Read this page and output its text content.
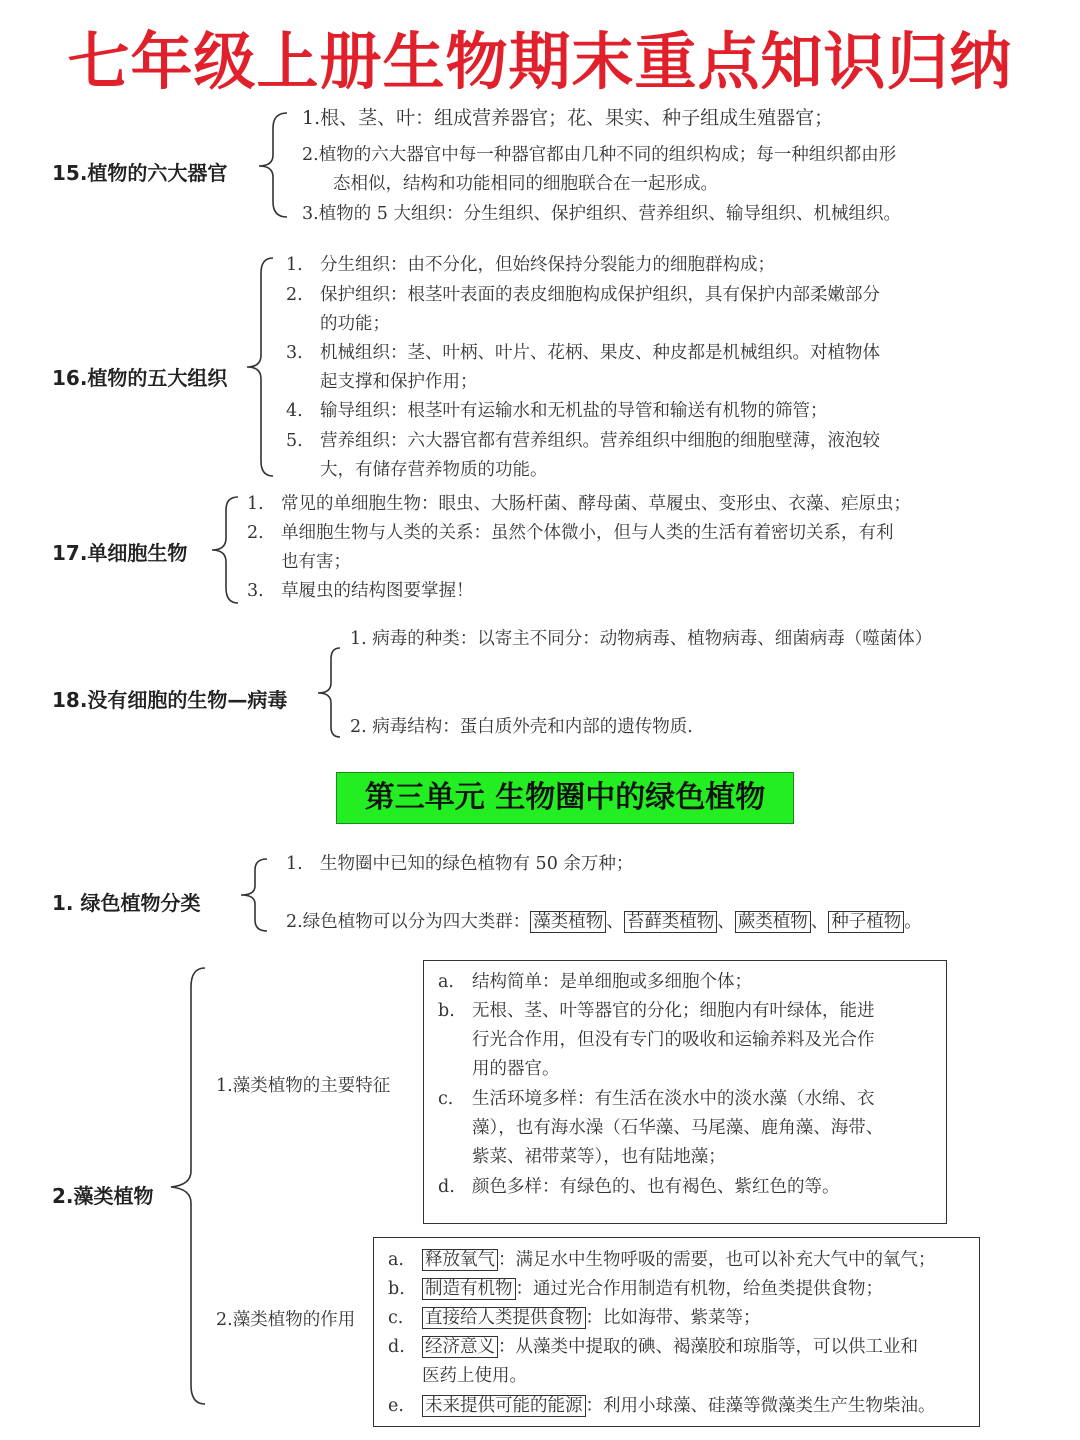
七年级上册生物期末重点知识归纳
15.植物的六大器官
1.根、茎、叶：组成营养器官；花、果实、种子组成生殖器官；
2.植物的六大器官中每一种器官都由几种不同的组织构成；每一种组织都由形
态相似，结构和功能相同的细胞联合在一起形成。
3.植物的 5 大组织：分生组织、保护组织、营养组织、输导组织、机械组织。
16.植物的五大组织
1. 分生组织：由不分化，但始终保持分裂能力的细胞群构成；
2. 保护组织：根茎叶表面的表皮细胞构成保护组织，具有保护内部柔嫩部分
的功能；
3. 机械组织：茎、叶柄、叶片、花柄、果皮、种皮都是机械组织。对植物体
起支撑和保护作用；
4. 输导组织：根茎叶有运输水和无机盐的导管和输送有机物的筛管；
5. 营养组织：六大器官都有营养组织。营养组织中细胞的细胞壁薄，液泡较
大，有储存营养物质的功能。
17.单细胞生物
1. 常见的单细胞生物：眼虫、大肠杆菌、酵母菌、草履虫、变形虫、衣藻、疟原虫；
2. 单细胞生物与人类的关系：虽然个体微小，但与人类的生活有着密切关系，有利
也有害；
3. 草履虫的结构图要掌握！
18.没有细胞的生物—病毒
1. 病毒的种类：以寄主不同分：动物病毒、植物病毒、细菌病毒（噬菌体）
2. 病毒结构：蛋白质外壳和内部的遗传物质.
第三单元 生物圈中的绿色植物
1. 绿色植物分类
1. 生物圈中已知的绿色植物有 50 余万种；
2.绿色植物可以分为四大类群： 藻类植物 、 苔藓类植物 、 蕨类植物 、 种子植物 。
2.藻类植物
1.藻类植物的主要特征
a. 结构简单：是单细胞或多细胞个体；
b. 无根、茎、叶等器官的分化；细胞内有叶绿体，能进
行光合作用，但没有专门的吸收和运输养料及光合作
用的器官。
c. 生活环境多样：有生活在淡水中的淡水藻（水绵、衣
藻），也有海水澡（石华藻、马尾藻、鹿角藻、海带、
紫菜、裙带菜等），也有陆地藻；
d. 颜色多样：有绿色的、也有褐色、紫红色的等。
2.藻类植物的作用
a. 释放氧气 ：满足水中生物呼吸的需要，也可以补充大气中的氧气；
b. 制造有机物 ：通过光合作用制造有机物，给鱼类提供食物；
c. 直接给人类提供食物 ：比如海带、紫菜等；
d. 经济意义 ：从藻类中提取的碘、褐藻胶和琼脂等，可以供工业和
医药上使用。
e. 未来提供可能的能源 ：利用小球藻、硅藻等微藻类生产生物柴油。
